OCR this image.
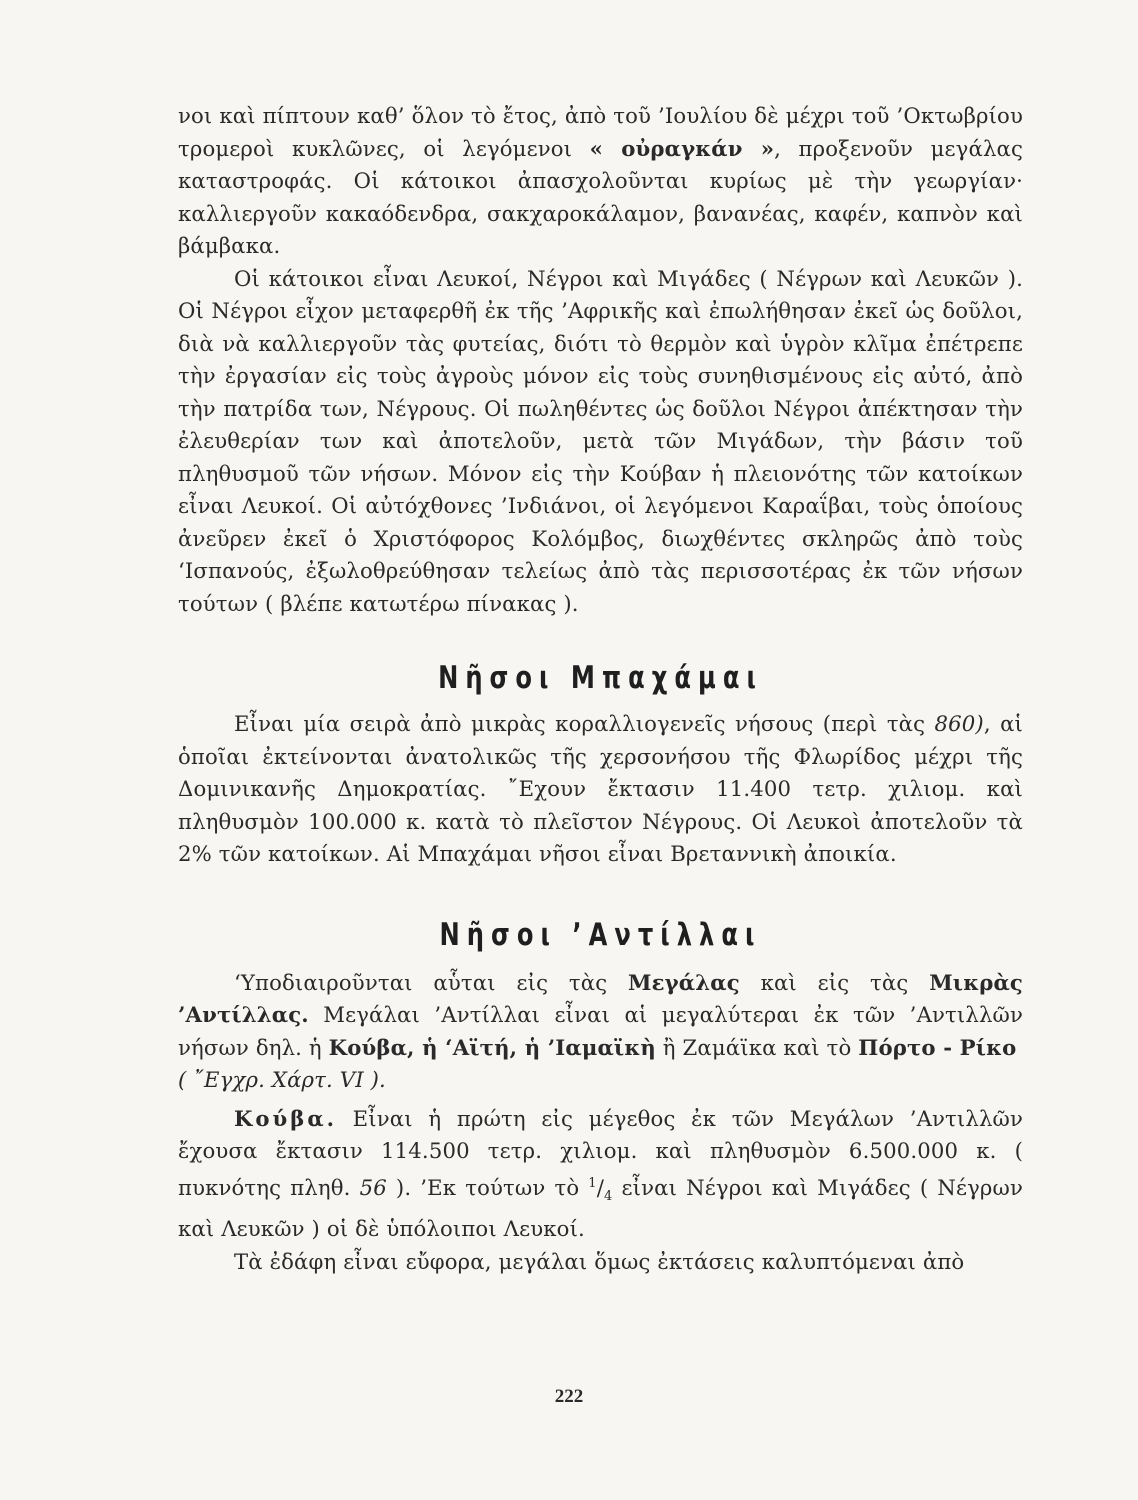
νοι καὶ πίπτουν καθ’ ὅλον τὸ ἔτος, ἀπὸ τοῦ ’Ιουλίου δὲ μέχρι τοῦ ’Οκτωβρίου τρομεροὶ κυκλῶνες, οἱ λεγόμενοι « οὐραγκάν », προξενοῦν μεγάλας καταστροφάς. Οἱ κάτοικοι ἀπασχολοῦνται κυρίως μὲ τὴν γεωργίαν· καλλιεργοῦν κακαόδενδρα, σακχαροκάλαμον, βανανέας, καφέν, καπνὸν καὶ βάμβακα.

Οἱ κάτοικοι εἶναι Λευκοί, Νέγροι καὶ Μιγάδες ( Νέγρων καὶ Λευκῶν ). Οἱ Νέγροι εἶχον μεταφερθῆ ἐκ τῆς ’Αφρικῆς καὶ ἐπωλήθησαν ἐκεῖ ὡς δοῦλοι, διὰ νὰ καλλιεργοῦν τὰς φυτείας, διότι τὸ θερμὸν καὶ ὑγρὸν κλῖμα ἐπέτρεπε τὴν ἐργασίαν εἰς τοὺς ἀγροὺς μόνον εἰς τοὺς συνηθισμένους εἰς αὐτό, ἀπὸ τὴν πατρίδα των, Νέγρους. Οἱ πωληθέντες ὡς δοῦλοι Νέγροι ἀπέκτησαν τὴν ἐλευθερίαν των καὶ ἀποτελοῦν, μετὰ τῶν Μιγάδων, τὴν βάσιν τοῦ πληθυσμοῦ τῶν νήσων. Μόνον εἰς τὴν Κούβαν ἡ πλειονότης τῶν κατοίκων εἶναι Λευκοί. Οἱ αὐτόχθονες ’Ινδιάνοι, οἱ λεγόμενοι Καραΐβαι, τοὺς ὁποίους ἀνεῦρεν ἐκεῖ ὁ Χριστόφορος Κολόμβος, διωχθέντες σκληρῶς ἀπὸ τοὺς ‘Ισπανούς, ἐξωλοθρεύθησαν τελείως ἀπὸ τὰς περισσοτέρας ἐκ τῶν νήσων τούτων ( βλέπε κατωτέρω πίνακας ).

Νῆσοι Μπαχάμαι

Εἶναι μία σειρὰ ἀπὸ μικρὰς κοραλλιογενεῖς νήσους (περὶ τὰς 860), αἱ ὁποῖαι ἐκτείνονται ἀνατολικῶς τῆς χερσονήσου τῆς Φλωρίδος μέχρι τῆς Δομινικανῆς Δημοκρατίας. ῎Εχουν ἔκτασιν 11.400 τετρ. χιλιομ. καὶ πληθυσμὸν 100.000 κ. κατὰ τὸ πλεῖστον Νέγρους. Οἱ Λευκοὶ ἀποτελοῦν τὰ 2% τῶν κατοίκων. Αἱ Μπαχάμαι νῆσοι εἶναι Βρεταννικὴ ἀποικία.

Νῆσοι ’Αντίλλαι

‘Υποδιαιροῦνται αὗται εἰς τὰς Μεγάλας καὶ εἰς τὰς Μικρὰς ’Αντίλλας. Μεγάλαι ’Αντίλλαι εἶναι αἱ μεγαλύτεραι ἐκ τῶν ’Αντιλλῶν νήσων δηλ. ἡ Κούβα, ἡ ‘Αϊτή, ἡ ’Ιαμαϊκὴ ἢ Ζαμάϊκα καὶ τὸ Πόρτο - Ρίκο
( ῎Εγχρ. Χάρτ. VI ).

Κούβα. Εἶναι ἡ πρώτη εἰς μέγεθος ἐκ τῶν Μεγάλων ’Αντιλλῶν ἔχουσα ἔκτασιν 114.500 τετρ. χιλιομ. καὶ πληθυσμὸν 6.500.000 κ. ( πυκνότης πληθ. 56 ). ’Εκ τούτων τὸ $^1/_4$ εἶναι Νέγροι καὶ Μιγάδες ( Νέγρων καὶ Λευκῶν ) οἱ δὲ ὑπόλοιποι Λευκοί.

Τὰ ἐδάφη εἶναι εὔφορα, μεγάλαι ὅμως ἐκτάσεις καλυπτόμεναι ἀπὸ

222
